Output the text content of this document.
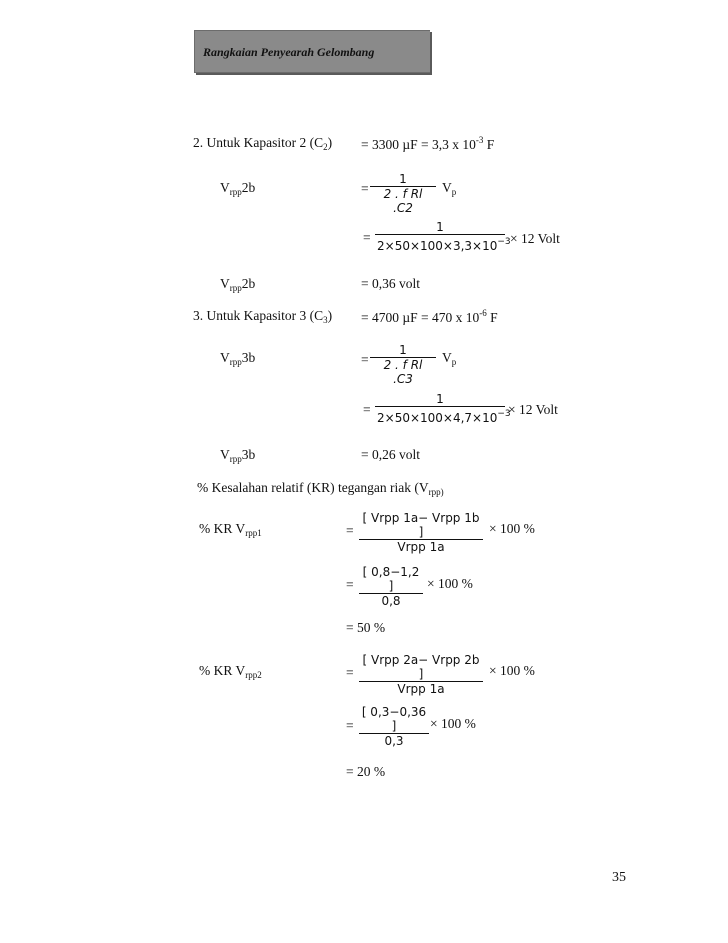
Rangkaian Penyearah Gelombang
2. Untuk Kapasitor 2 $(C_2) = 3300$ µF = 3,3 x $10^{-3}$ F
$V_{rpp}2b$	= $\frac{1}{\text{2 . f Rl .C2}} V_p$
= $\frac{1}{2\times 50\times 100\times 3,3\times 10^{-3}} \times 12$ Volt
$V_{rpp}2b$	= 0,36 volt
3. Untuk Kapasitor 3 $(C_3) = 4700$ µF = 470 x $10^{-6}$ F
$V_{rpp}3b$	= $\frac{1}{\text{2 . f Rl .C3}} V_p$
= $\frac{1}{2\times 50\times 100\times 4,7\times 10^{-3}} \times 12$ Volt
$V_{rpp}3b$	= 0,26 volt
% Kesalahan relatif (KR) tegangan riak ($V_{rpp)}$
% KR $V_{rpp1}$	=
[ Vrpp 1a− Vrpp 1b ]
Vrpp 1a
× 100 %
= $\frac{[ 0,8-1,2 ]}{0,8} \times 100$ %
= 50 %
% KR $V_{rpp2}$	=
[ Vrpp 2a− Vrpp 2b ]
Vrpp 1a
× 100 %
= $\frac{[ 0,3-0,36 ]}{0,3} \times 100$ %
= 20 %
35
